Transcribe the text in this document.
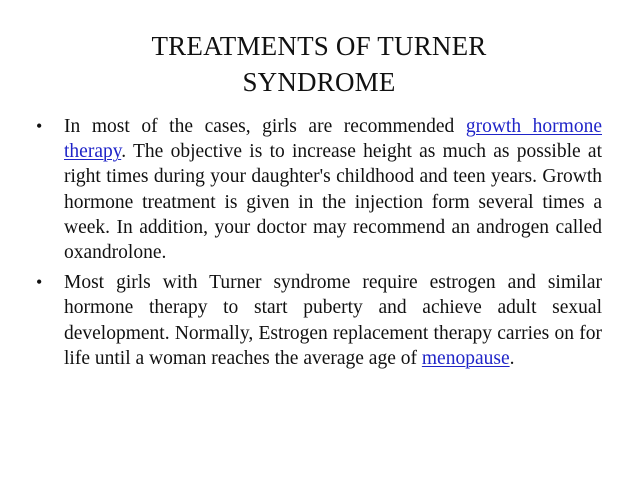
TREATMENTS OF TURNER
SYNDROME
• In most of the cases, girls are recommended growth hormone therapy. The objective is to increase height as much as possible at right times during your daughter's childhood and teen years. Growth hormone treatment is given in the injection form several times a week. In addition, your doctor may recommend an androgen called oxandrolone.
• Most girls with Turner syndrome require estrogen and similar hormone therapy to start puberty and achieve adult sexual development. Normally, Estrogen replacement therapy carries on for life until a woman reaches the average age of menopause.
